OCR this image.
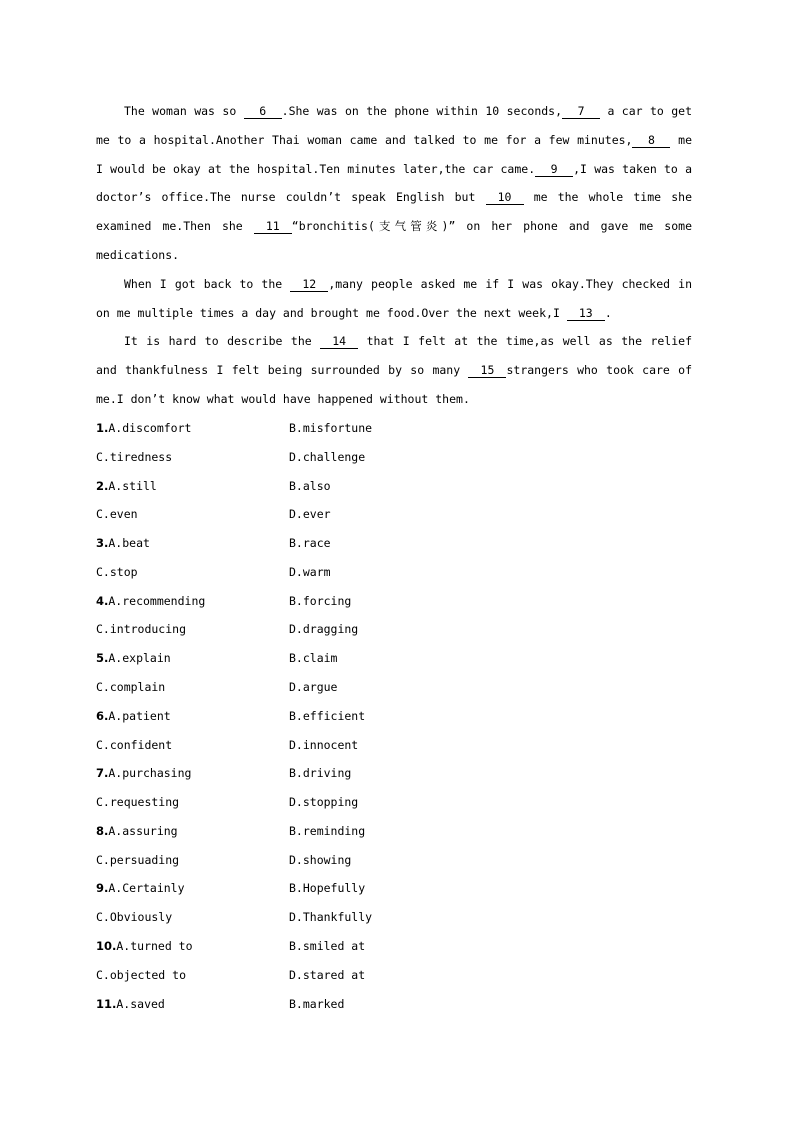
The woman was so 6 .She was on the phone within 10 seconds, 7 a car to get me to a hospital.Another Thai woman came and talked to me for a few minutes, 8 me I would be okay at the hospital.Ten minutes later,the car came. 9 ,I was taken to a doctor’s office.The nurse couldn’t speak English but 10 me the whole time she examined me.Then she 11 “bronchitis(支气管炎)” on her phone and gave me some medications.

When I got back to the 12 ,many people asked me if I was okay.They checked in on me multiple times a day and brought me food.Over the next week,I 13 .

It is hard to describe the 14 that I felt at the time,as well as the relief and thankfulness I felt being surrounded by so many 15 strangers who took care of me.I don’t know what would have happened without them.

1.A.discomfort	B.misfortune
C.tiredness	D.challenge
2.A.still	B.also
C.even	D.ever
3.A.beat	B.race
C.stop	D.warm
4.A.recommending	B.forcing
C.introducing	D.dragging
5.A.explain	B.claim
C.complain	D.argue
6.A.patient	B.efficient
C.confident	D.innocent
7.A.purchasing	B.driving
C.requesting	D.stopping
8.A.assuring	B.reminding
C.persuading	D.showing
9.A.Certainly	B.Hopefully
C.Obviously	D.Thankfully
10.A.turned to	B.smiled at
C.objected to	D.stared at
11.A.saved	B.marked
